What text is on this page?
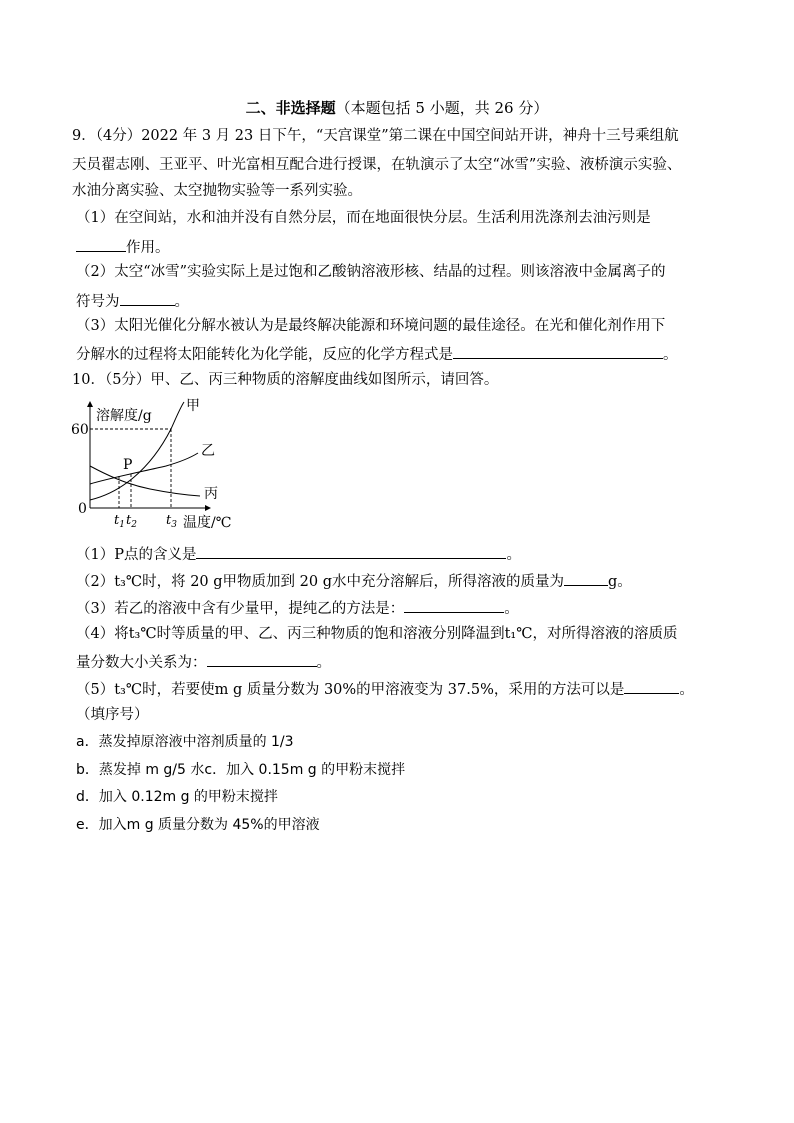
二、非选择题（本题包括 5 小题，共 26 分）
9．（4分）2022 年 3 月 23 日下午，“天宫课堂”第二课在中国空间站开讲，神舟十三号乘组航
天员翟志刚、王亚平、叶光富相互配合进行授课，在轨演示了太空“冰雪”实验、液桥演示实验、
水油分离实验、太空抛物实验等一系列实验。
（1）在空间站，水和油并没有自然分层，而在地面很快分层。生活利用洗涤剂去油污则是
作用。
（2）太空“冰雪”实验实际上是过饱和乙酸钠溶液形核、结晶的过程。则该溶液中金属离子的
符号为	。
（3）太阳光催化分解水被认为是最终解决能源和环境问题的最佳途径。在光和催化剂作用下
分解水的过程将太阳能转化为化学能，反应的化学方程式是	。
10．（5分）甲、乙、丙三种物质的溶解度曲线如图所示，请回答。
溶解度/g
温度/℃
60
0
甲
乙
丙
P
$t_1$ $t_2$ $t_3$
（1）P点的含义是	。
（2）t₃℃时，将 20 g甲物质加到 20 g水中充分溶解后，所得溶液的质量为	g。
（3）若乙的溶液中含有少量甲，提纯乙的方法是：	。
（4）将t₃℃时等质量的甲、乙、丙三种物质的饱和溶液分别降温到t₁℃，对所得溶液的溶质质
量分数大小关系为：	。
（5）t₃℃时，若要使m g 质量分数为 30%的甲溶液变为 37.5%，采用的方法可以是	。
（填序号）
a．蒸发掉原溶液中溶剂质量的 1/3
b．蒸发掉 m g/5 水c．加入 0.15m g 的甲粉末搅拌
d．加入 0.12m g 的甲粉末搅拌
e．加入m g 质量分数为 45%的甲溶液
